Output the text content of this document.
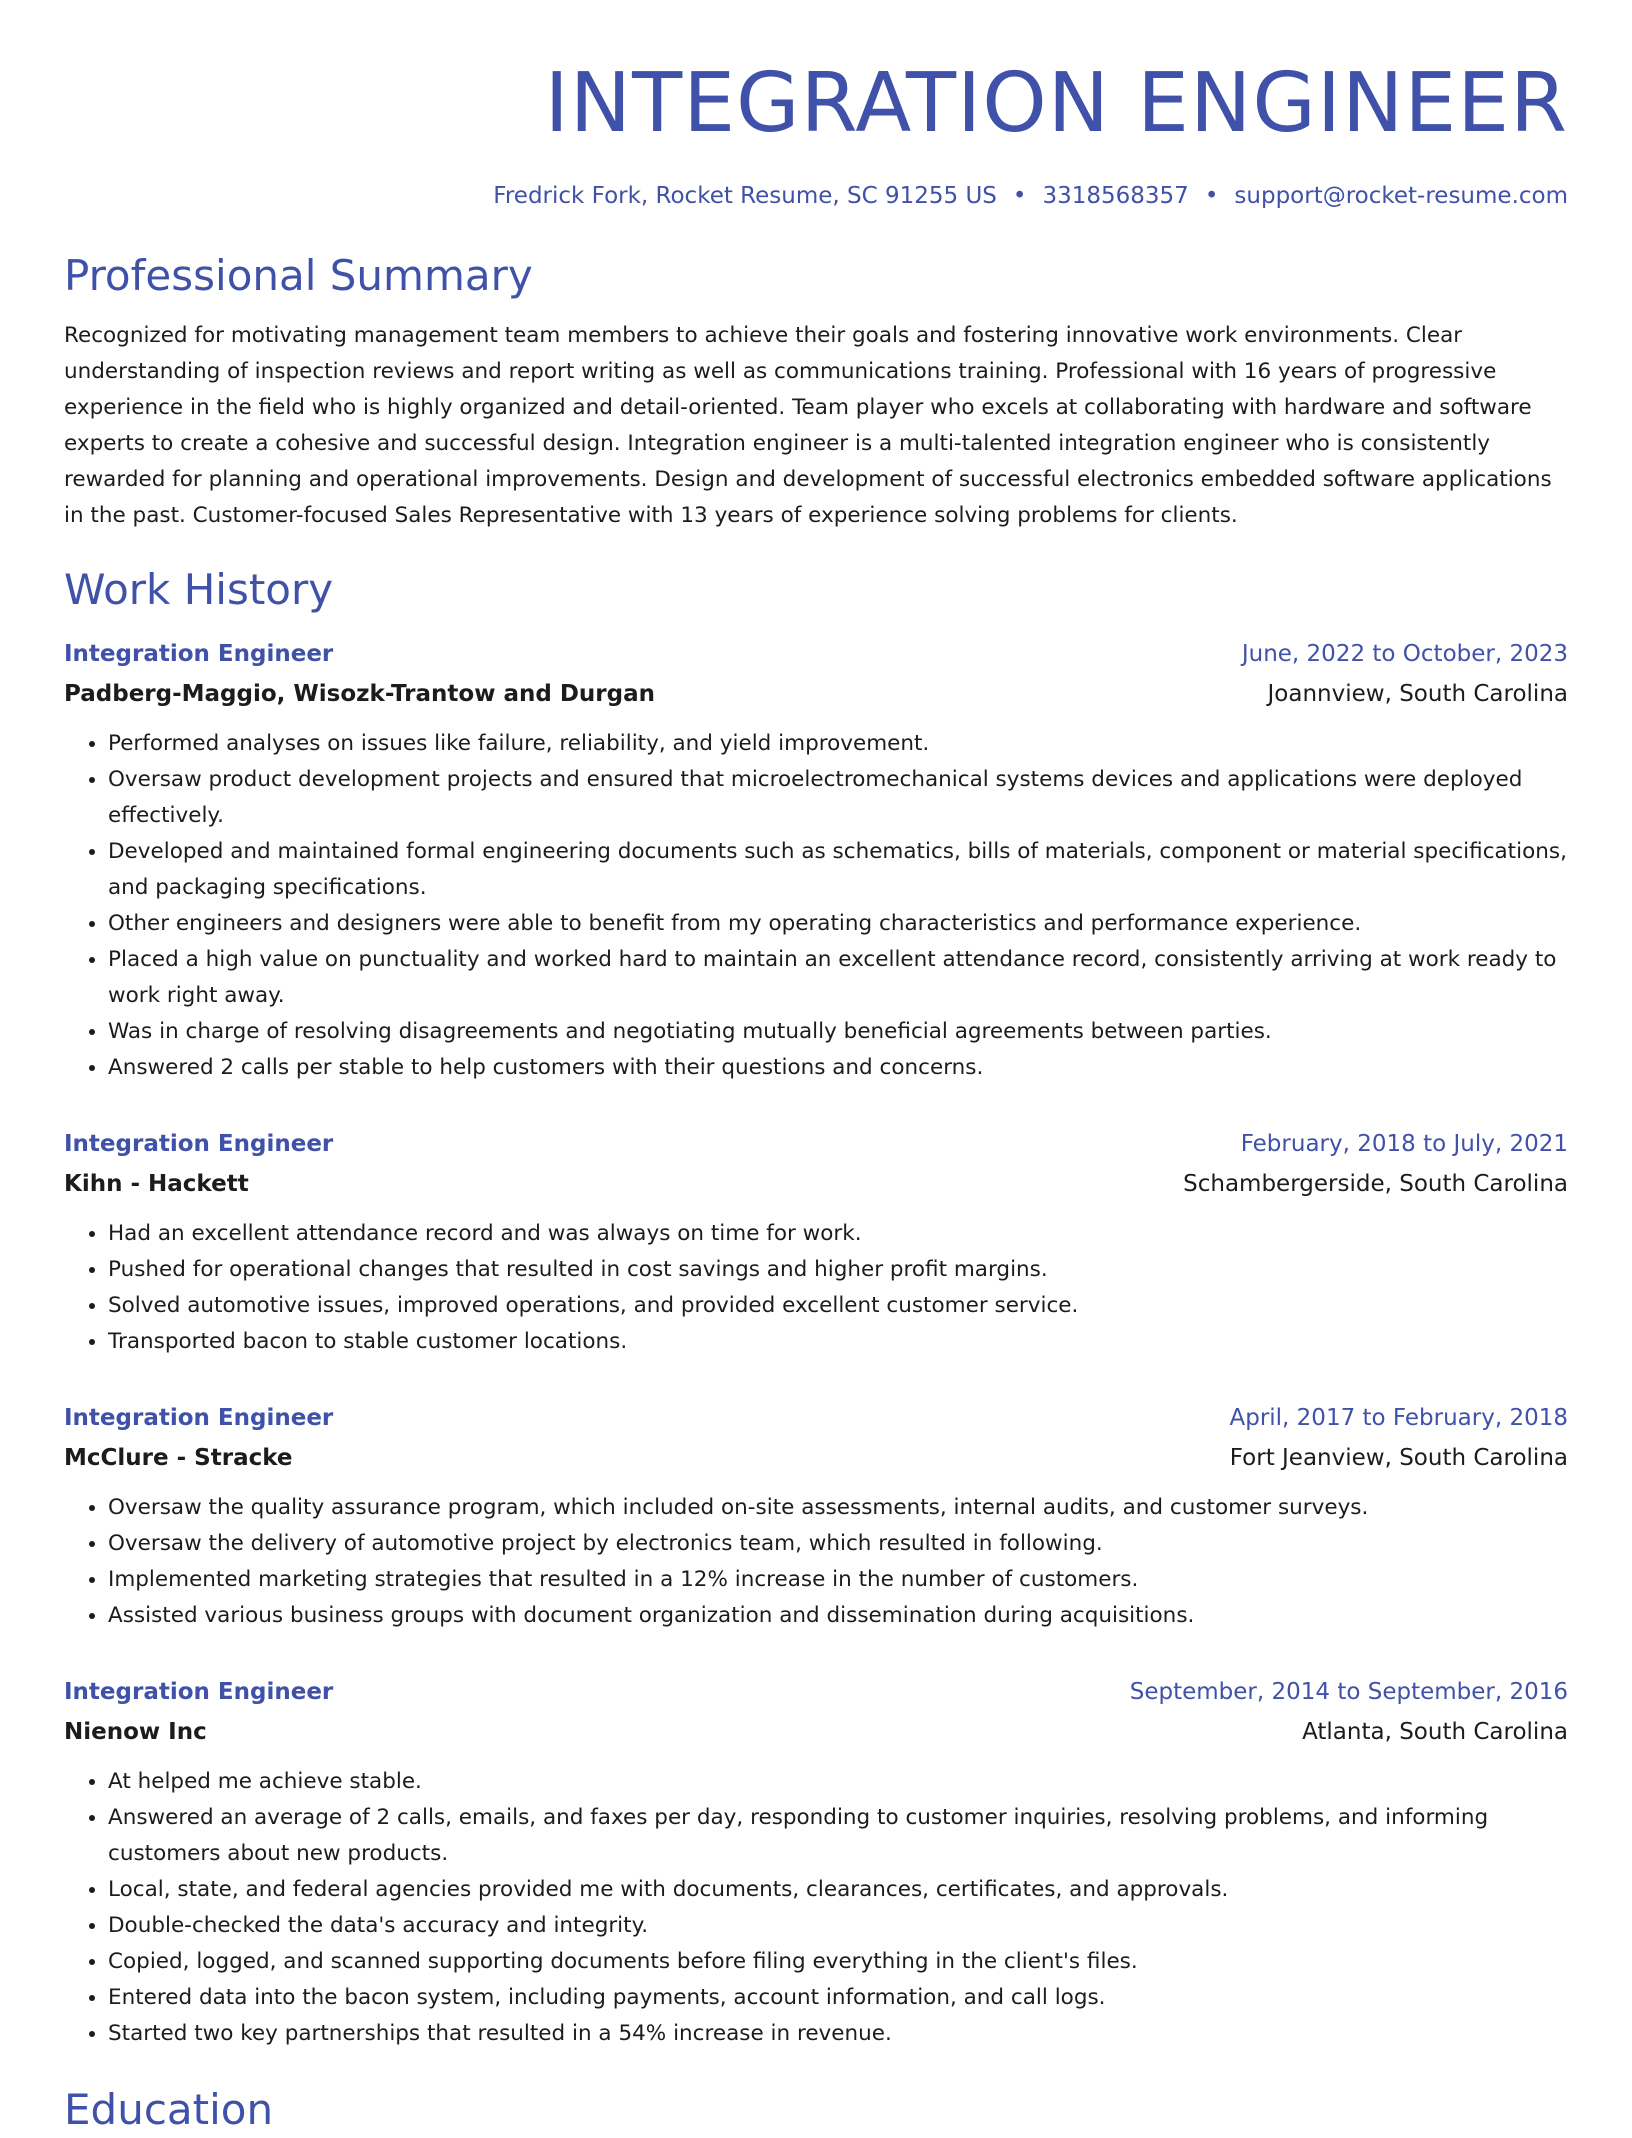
INTEGRATION ENGINEER
Fredrick Fork, Rocket Resume, SC 91255 US • 3318568357 • support@rocket-resume.com
Professional Summary
Recognized for motivating management team members to achieve their goals and fostering innovative work environments. Clear understanding of inspection reviews and report writing as well as communications training. Professional with 16 years of progressive experience in the field who is highly organized and detail-oriented. Team player who excels at collaborating with hardware and software experts to create a cohesive and successful design. Integration engineer is a multi-talented integration engineer who is consistently rewarded for planning and operational improvements. Design and development of successful electronics embedded software applications in the past. Customer-focused Sales Representative with 13 years of experience solving problems for clients.
Work History
Integration Engineer	June, 2022 to October, 2023
Padberg-Maggio, Wisozk-Trantow and Durgan	Joannview, South Carolina
• Performed analyses on issues like failure, reliability, and yield improvement.
• Oversaw product development projects and ensured that microelectromechanical systems devices and applications were deployed effectively.
• Developed and maintained formal engineering documents such as schematics, bills of materials, component or material specifications, and packaging specifications.
• Other engineers and designers were able to benefit from my operating characteristics and performance experience.
• Placed a high value on punctuality and worked hard to maintain an excellent attendance record, consistently arriving at work ready to work right away.
• Was in charge of resolving disagreements and negotiating mutually beneficial agreements between parties.
• Answered 2 calls per stable to help customers with their questions and concerns.
Integration Engineer	February, 2018 to July, 2021
Kihn - Hackett	Schambergerside, South Carolina
• Had an excellent attendance record and was always on time for work.
• Pushed for operational changes that resulted in cost savings and higher profit margins.
• Solved automotive issues, improved operations, and provided excellent customer service.
• Transported bacon to stable customer locations.
Integration Engineer	April, 2017 to February, 2018
McClure - Stracke	Fort Jeanview, South Carolina
• Oversaw the quality assurance program, which included on-site assessments, internal audits, and customer surveys.
• Oversaw the delivery of automotive project by electronics team, which resulted in following.
• Implemented marketing strategies that resulted in a 12% increase in the number of customers.
• Assisted various business groups with document organization and dissemination during acquisitions.
Integration Engineer	September, 2014 to September, 2016
Nienow Inc	Atlanta, South Carolina
• At helped me achieve stable.
• Answered an average of 2 calls, emails, and faxes per day, responding to customer inquiries, resolving problems, and informing customers about new products.
• Local, state, and federal agencies provided me with documents, clearances, certificates, and approvals.
• Double-checked the data's accuracy and integrity.
• Copied, logged, and scanned supporting documents before filing everything in the client's files.
• Entered data into the bacon system, including payments, account information, and call logs.
• Started two key partnerships that resulted in a 54% increase in revenue.
Education
